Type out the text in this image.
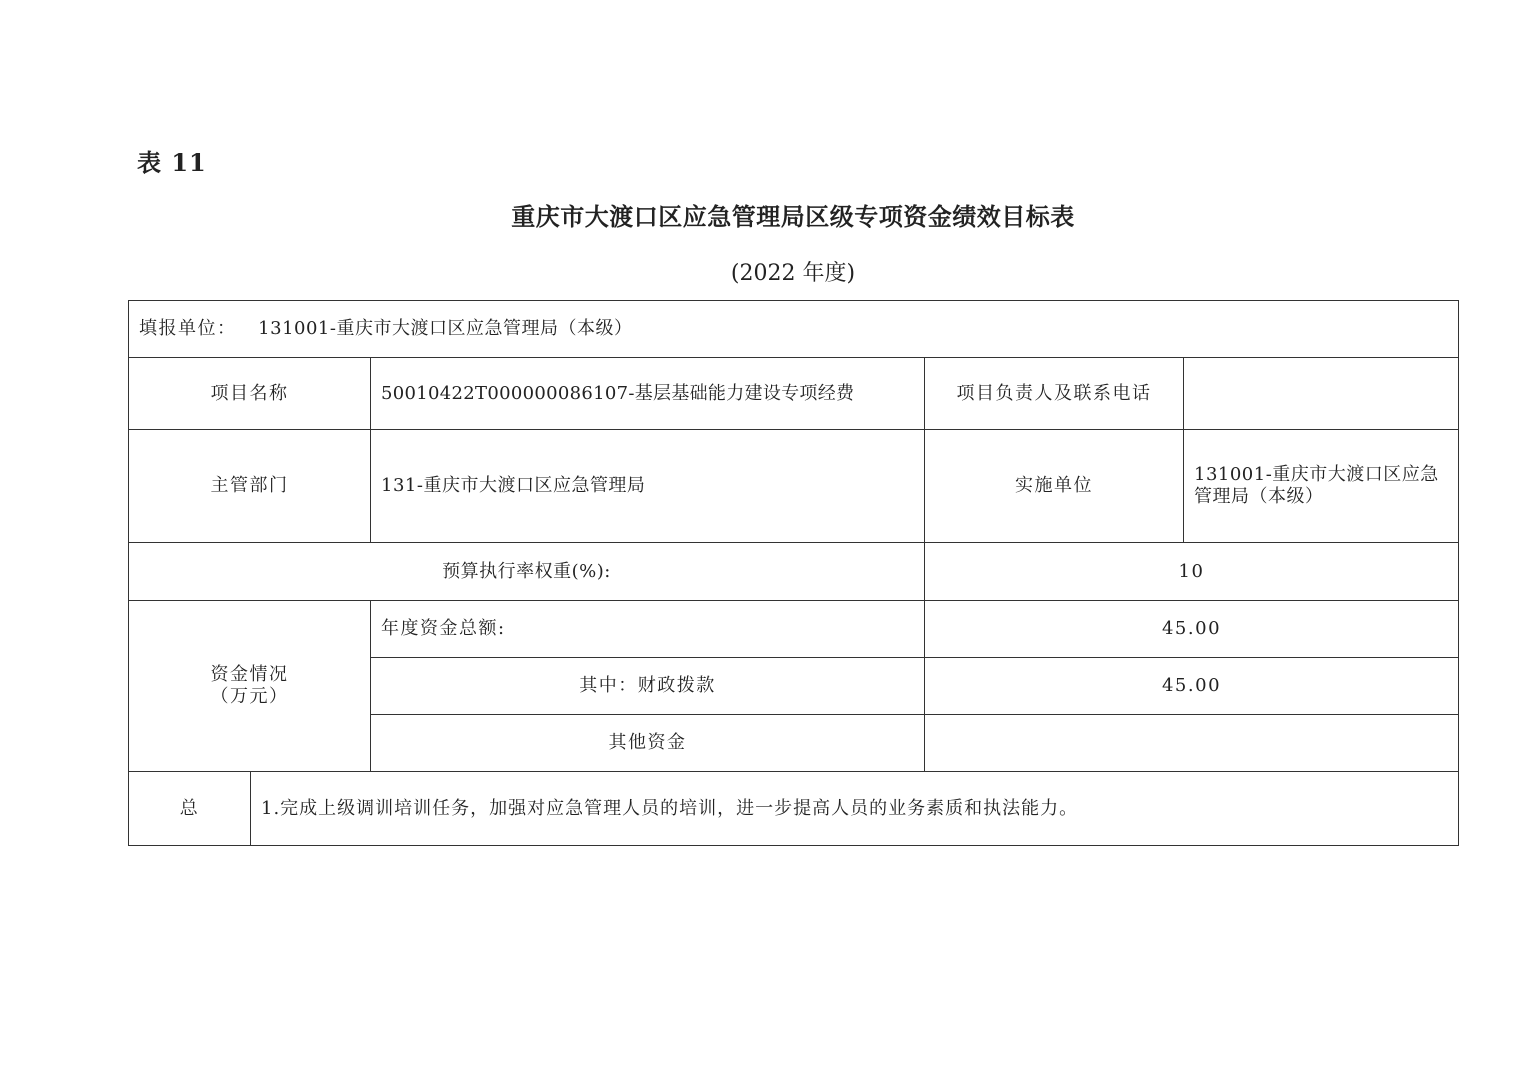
表 11
重庆市大渡口区应急管理局区级专项资金绩效目标表
(2022 年度)
填报单位： 131001-重庆市大渡口区应急管理局（本级）				
项目名称		50010422T000000086107-基层基础能力建设专项经费	项目负责人及联系电话	
主管部门		131-重庆市大渡口区应急管理局	实施单位	131001-重庆市大渡口区应急
管理局（本级）

预算执行率权重(%):			10	

资金情况
（万元）		年度资金总额:	45.00	
		其中：财政拨款	45.00	
		其他资金		
总	1.完成上级调训培训任务，加强对应急管理人员的培训，进一步提高人员的业务素质和执法能力。			
